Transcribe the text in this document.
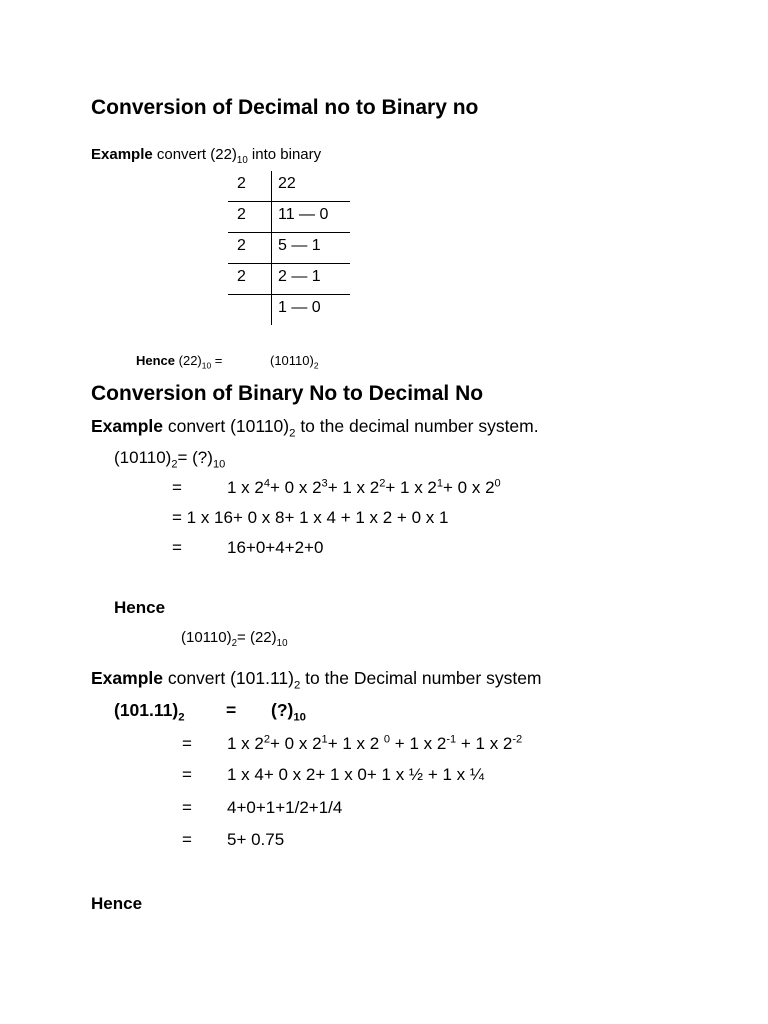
Conversion of Decimal no to Binary no
Example convert $(22)_{10}$ into binary
2 22
2 11 — 0
2 5 — 1
2 2 — 1
1 — 0
Hence $(22)_{10}$ =	$(10110)_2$
Conversion of Binary No to Decimal No
Example convert $(10110)_2$ to the decimal number system.
$(10110)_2=$ $(?)_{10}$
=	1 x $2^4+ 0$ x $2^3+ 1$ x $2^2+ 1$ x $2^1+ 0$ x $2^0$
= 1 x 16+ 0 x 8+ 1 x 4 + 1 x 2 + 0 x 1
=	16+0+4+2+0
Hence
$(10110)_2= (22)_{10}$
Example convert $(101.11)_2$ to the Decimal number system
$(101.11)_2$ = $(?)_{10}$
= 1 x $2^2+ 0$ x $2^1+ 1$ x 2 $^0$ + 1 x $2^{-1} + 1$ x $2^{-2}$
= 1 x 4+ 0 x 2+ 1 x 0+ 1 x ½ + 1 x ¼
= 4+0+1+1/2+1/4
= 5+ 0.75
Hence
